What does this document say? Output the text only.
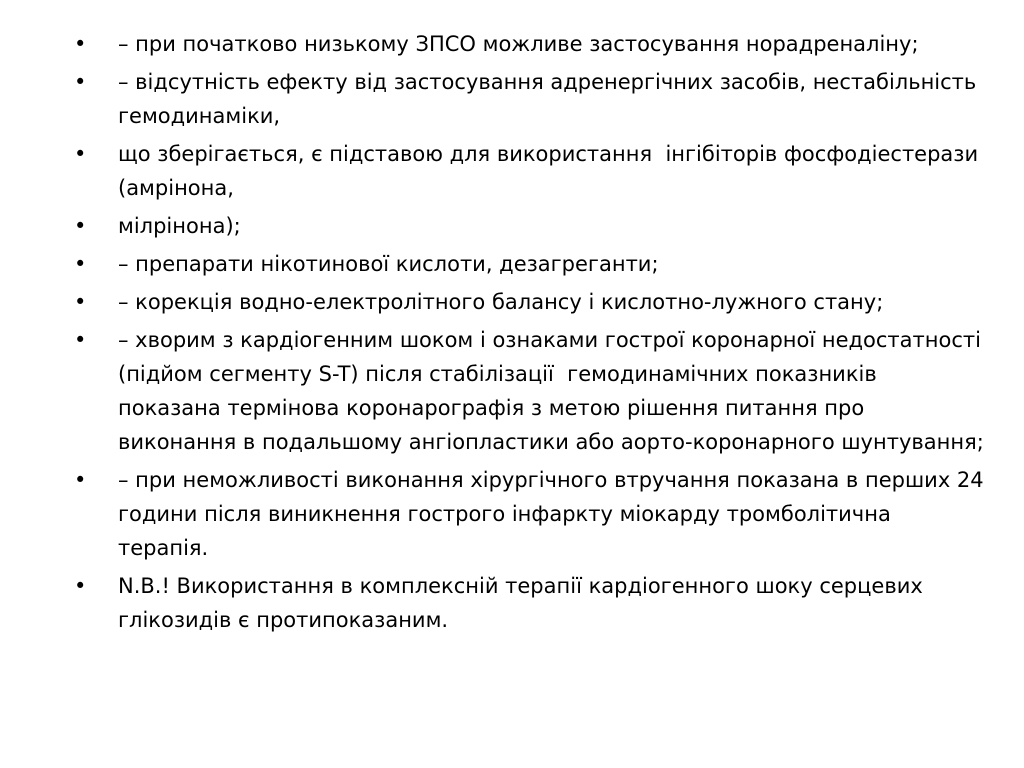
•	– при початково низькому ЗПСО можливе застосування норадреналіну;
•	– відсутність ефекту від застосування адренергічних засобів, нестабільність гемодинаміки,
•	що зберігається, є підставою для використання  інгібіторів фосфодіестерази  (амрінона,
•	мілрінона);
•	– препарати нікотинової кислоти, дезагреганти;
•	– корекція водно-електролітного балансу і кислотно-лужного стану;
•	– хворим з кардіогенним шоком і ознаками гострої коронарної недостатності (підйом сегменту S-T) після стабілізації  гемодинамічних показників показана термінова коронарографія з метою рішення питання про виконання в подальшому ангіопластики або аорто-коронарного шунтування;
•	– при неможливості виконання хірургічного втручання показана в перших 24  години після виникнення гострого інфаркту міокарду тромболітична терапія.
•	N.B.! Використання в комплексній терапії кардіогенного шоку серцевих глікозидів є протипоказаним.
